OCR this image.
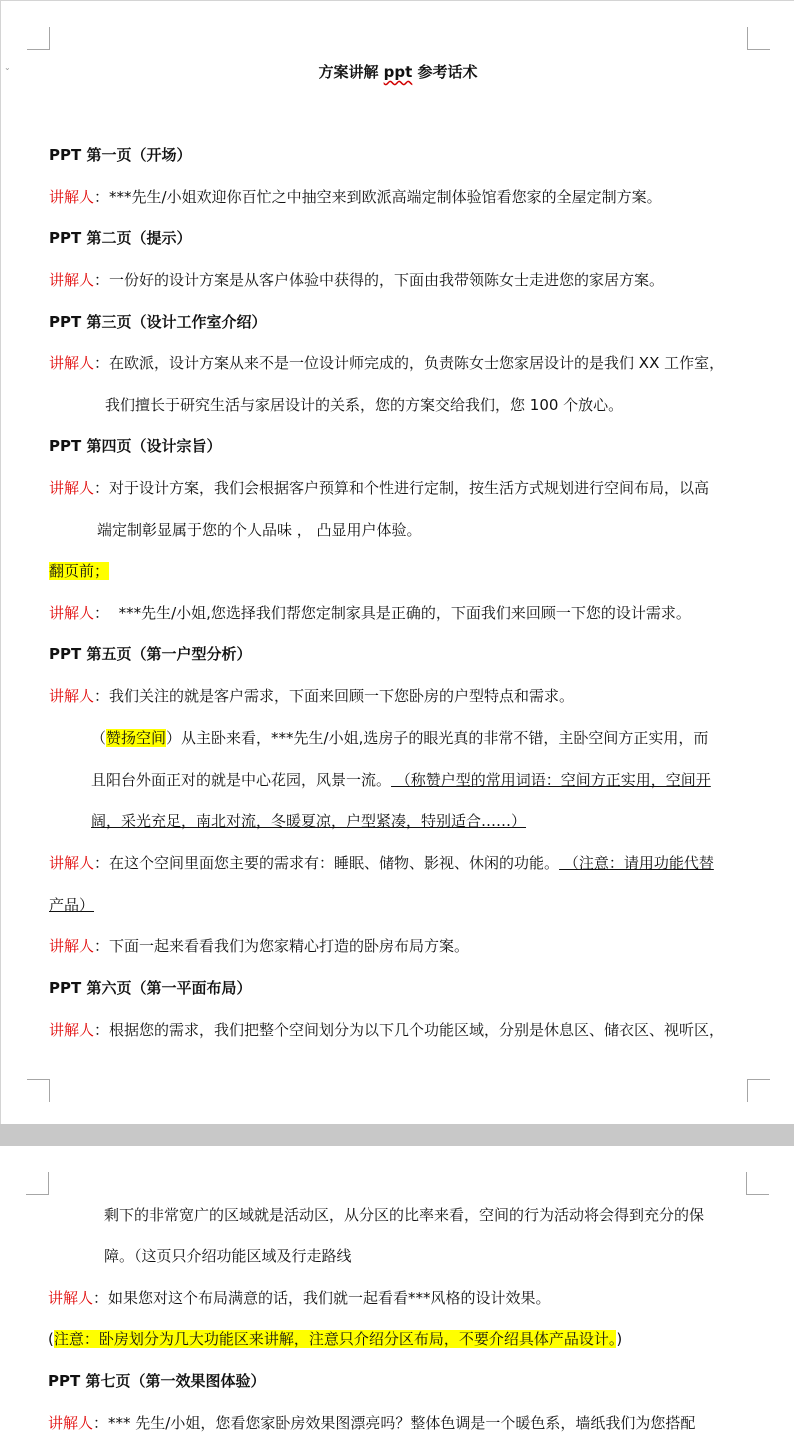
⌄	方案讲解 ppt 参考话术
PPT 第一页（开场）
讲解人：***先生/小姐欢迎你百忙之中抽空来到欧派高端定制体验馆看您家的全屋定制方案。
PPT 第二页（提示）
讲解人：一份好的设计方案是从客户体验中获得的，下面由我带领陈女士走进您的家居方案。
PPT 第三页（设计工作室介绍）
讲解人：在欧派，设计方案从来不是一位设计师完成的，负责陈女士您家居设计的是我们 XX 工作室，
我们擅长于研究生活与家居设计的关系，您的方案交给我们，您 100 个放心。
PPT 第四页（设计宗旨）
讲解人：对于设计方案，我们会根据客户预算和个性进行定制，按生活方式规划进行空间布局，以高
端定制彰显属于您的个人品味 ， 凸显用户体验。
翻页前；
讲解人：  ***先生/小姐,您选择我们帮您定制家具是正确的，下面我们来回顾一下您的设计需求。
PPT 第五页（第一户型分析）
讲解人：我们关注的就是客户需求，下面来回顾一下您卧房的户型特点和需求。
（赞扬空间）从主卧来看，***先生/小姐,选房子的眼光真的非常不错，主卧空间方正实用，而
且阳台外面正对的就是中心花园，风景一流。 （称赞户型的常用词语：空间方正实用，空间开
阔，采光充足，南北对流，冬暖夏凉，户型紧凑，特别适合……）
讲解人：在这个空间里面您主要的需求有：睡眠、储物、影视、休闲的功能。 （注意：请用功能代替
产品）
讲解人：下面一起来看看我们为您家精心打造的卧房布局方案。
PPT 第六页（第一平面布局）
讲解人：根据您的需求，我们把整个空间划分为以下几个功能区域，分别是休息区、储衣区、视听区，
剩下的非常宽广的区域就是活动区，从分区的比率来看，空间的行为活动将会得到充分的保
障。（这页只介绍功能区域及行走路线
讲解人：如果您对这个布局满意的话，我们就一起看看***风格的设计效果。
(注意：卧房划分为几大功能区来讲解，注意只介绍分区布局，不要介绍具体产品设计。)
PPT 第七页（第一效果图体验）
讲解人：*** 先生/小姐，您看您家卧房效果图漂亮吗？整体色调是一个暖色系，墙纸我们为您搭配
